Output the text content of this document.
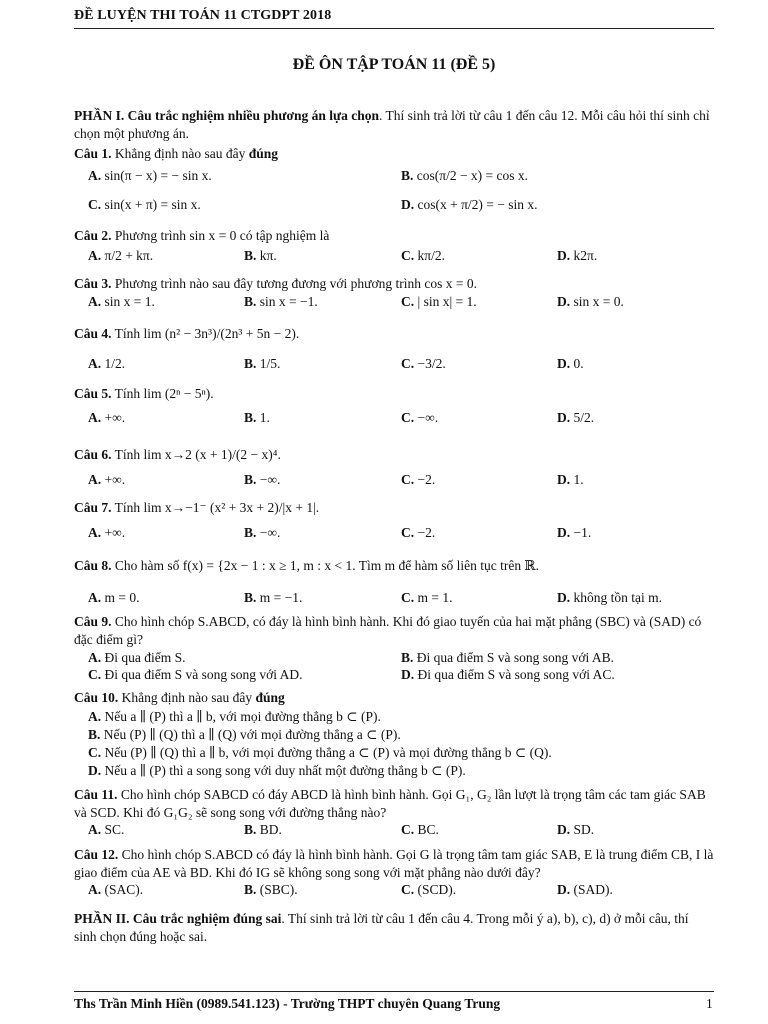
ĐỀ LUYỆN THI TOÁN 11 CTGDPT 2018
ĐỀ ÔN TẬP TOÁN 11 (ĐỀ 5)
PHẦN I. Câu trắc nghiệm nhiều phương án lựa chọn. Thí sinh trả lời từ câu 1 đến câu 12. Mỗi câu hỏi thí sinh chỉ chọn một phương án.
Câu 1. Khẳng định nào sau đây đúng
A. sin(π − x) = − sin x.	B. cos(π/2 − x) = cos x.
C. sin(x + π) = sin x.	D. cos(x + π/2) = − sin x.
Câu 2. Phương trình sin x = 0 có tập nghiệm là
A. π/2 + kπ.	B. kπ.	C. kπ/2.	D. k2π.
Câu 3. Phương trình nào sau đây tương đương với phương trình cos x = 0.
A. sin x = 1.	B. sin x = −1.	C. | sin x| = 1.	D. sin x = 0.
Câu 4. Tính lim (n² − 3n³)/(2n³ + 5n − 2).
A. 1/2.	B. 1/5.	C. −3/2.	D. 0.
Câu 5. Tính lim (2ⁿ − 5ⁿ).
A. +∞.	B. 1.	C. −∞.	D. 5/2.
Câu 6. Tính lim x→2 (x + 1)/(2 − x)⁴.
A. +∞.	B. −∞.	C. −2.	D. 1.
Câu 7. Tính lim x→−1⁻ (x² + 3x + 2)/|x + 1|.
A. +∞.	B. −∞.	C. −2.	D. −1.
Câu 8. Cho hàm số f(x) = {2x − 1 : x ≥ 1, m : x < 1. Tìm m để hàm số liên tục trên ℝ.
A. m = 0.	B. m = −1.	C. m = 1.	D. không tồn tại m.
Câu 9. Cho hình chóp S.ABCD, có đáy là hình bình hành. Khi đó giao tuyến của hai mặt phẳng (SBC) và (SAD) có đặc điểm gì?
A. Đi qua điểm S.	B. Đi qua điểm S và song song với AB.
C. Đi qua điểm S và song song với AD.	D. Đi qua điểm S và song song với AC.
Câu 10. Khẳng định nào sau đây đúng
A. Nếu a ∥ (P) thì a ∥ b, với mọi đường thẳng b ⊂ (P).
B. Nếu (P) ∥ (Q) thì a ∥ (Q) với mọi đường thẳng a ⊂ (P).
C. Nếu (P) ∥ (Q) thì a ∥ b, với mọi đường thẳng a ⊂ (P) và mọi đường thẳng b ⊂ (Q).
D. Nếu a ∥ (P) thì a song song với duy nhất một đường thẳng b ⊂ (P).
Câu 11. Cho hình chóp SABCD có đáy ABCD là hình bình hành. Gọi G₁, G₂ lần lượt là trọng tâm các tam giác SAB và SCD. Khi đó G₁G₂ sẽ song song với đường thẳng nào?
A. SC.	B. BD.	C. BC.	D. SD.
Câu 12. Cho hình chóp S.ABCD có đáy là hình bình hành. Gọi G là trọng tâm tam giác SAB, E là trung điểm CB, I là giao điểm của AE và BD. Khi đó IG sẽ không song song với mặt phẳng nào dưới đây?
A. (SAC).	B. (SBC).	C. (SCD).	D. (SAD).
PHẦN II. Câu trắc nghiệm đúng sai. Thí sinh trả lời từ câu 1 đến câu 4. Trong mỗi ý a), b), c), d) ở mỗi câu, thí sinh chọn đúng hoặc sai.
Ths Trần Minh Hiền (0989.541.123) - Trường THPT chuyên Quang Trung	1
